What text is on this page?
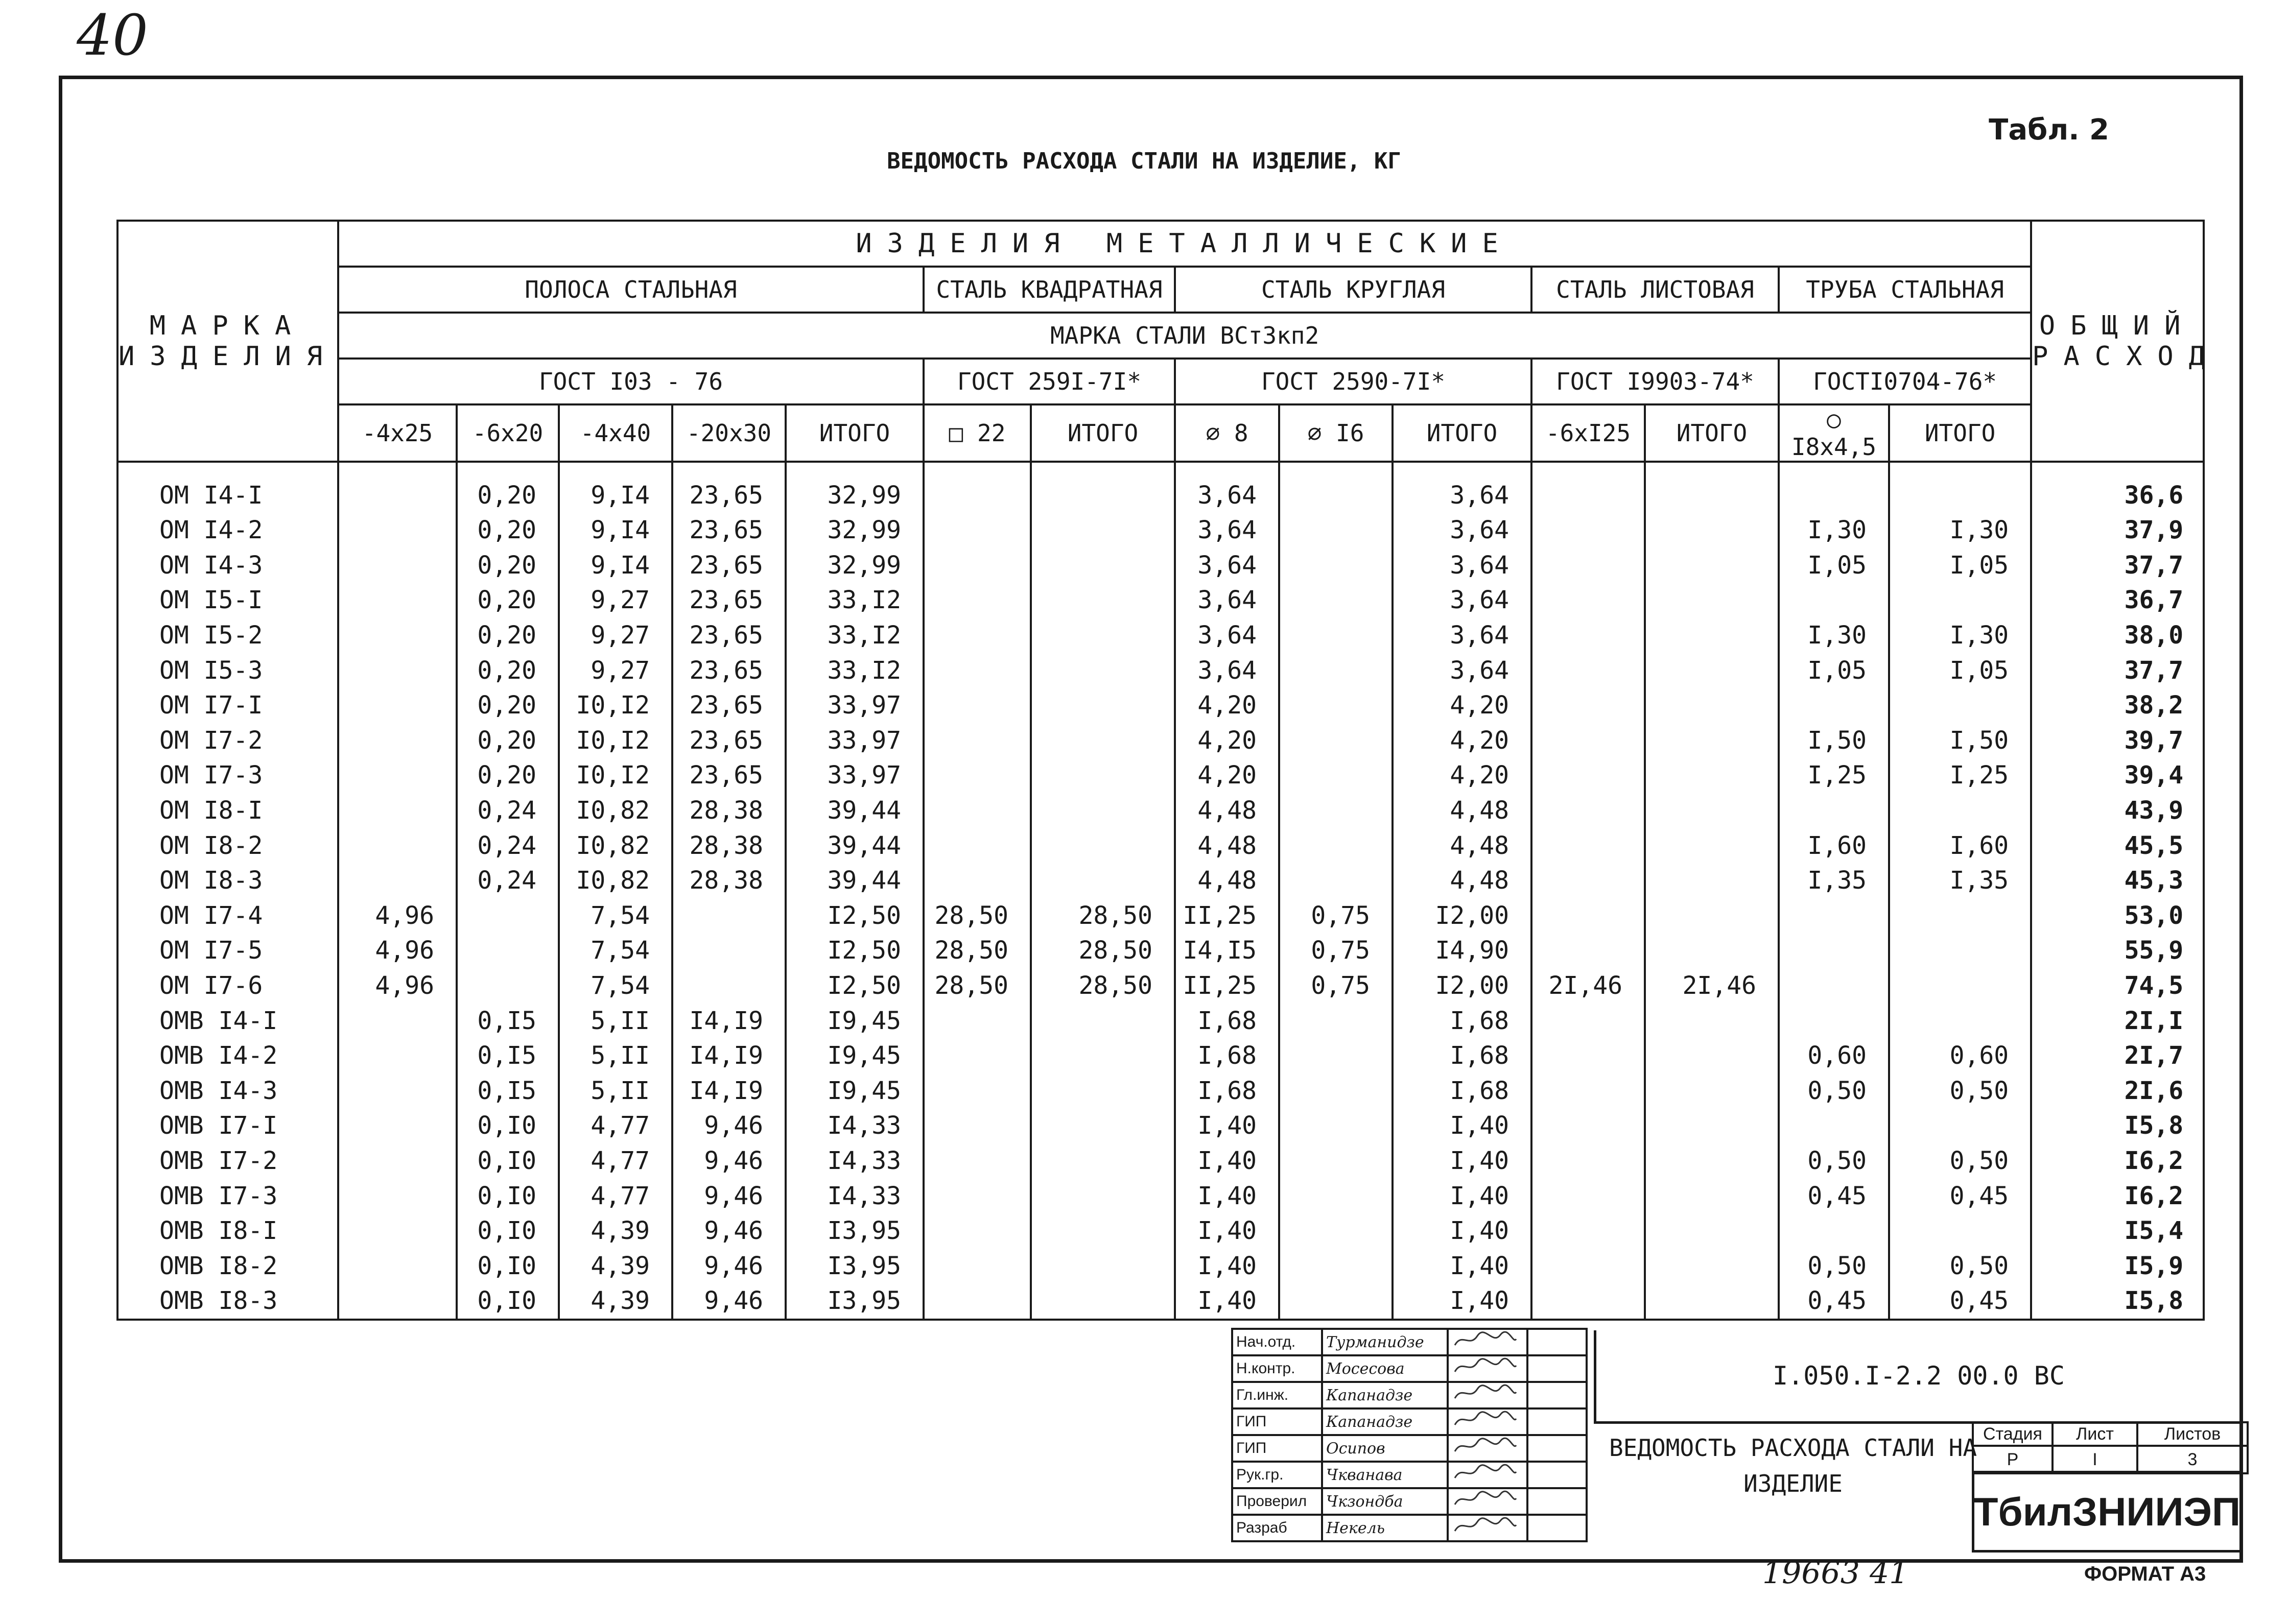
40
Табл. 2
ВЕДОМОСТЬ РАСХОДА СТАЛИ НА ИЗДЕЛИЕ, КГ
МАРКА ИЗДЕЛИЯ	ИЗДЕЛИЯ МЕТАЛЛИЧЕСКИЕ														ОБЩИЙ РАСХОД
	ПОЛОСА СТАЛЬНАЯ					СТАЛЬ КВАДРАТНАЯ		СТАЛЬ КРУГЛАЯ			СТАЛЬ ЛИСТОВАЯ		ТРУБА СТАЛЬНАЯ		
	МАРКА СТАЛИ ВСт3кп2														
	ГОСТ I03 - 76					ГОСТ 259I-7I*		ГОСТ 2590-7I*			ГОСТ I9903-74*		ГОСТI0704-76*		
	-4x25	-6x20	-4x40	-20x30	ИТОГО	□ 22	ИТОГО	⌀ 8	⌀ I6	ИТОГО	-6xI25	ИТОГО	○ I8x4,5	ИТОГО	
ОМ I4-I		0,20	9,I4	23,65	32,99			3,64		3,64					36,6
ОМ I4-2		0,20	9,I4	23,65	32,99			3,64		3,64			I,30	I,30	37,9
ОМ I4-3		0,20	9,I4	23,65	32,99			3,64		3,64			I,05	I,05	37,7
ОМ I5-I		0,20	9,27	23,65	33,I2			3,64		3,64					36,7
ОМ I5-2		0,20	9,27	23,65	33,I2			3,64		3,64			I,30	I,30	38,0
ОМ I5-3		0,20	9,27	23,65	33,I2			3,64		3,64			I,05	I,05	37,7
ОМ I7-I		0,20	I0,I2	23,65	33,97			4,20		4,20					38,2
ОМ I7-2		0,20	I0,I2	23,65	33,97			4,20		4,20			I,50	I,50	39,7
ОМ I7-3		0,20	I0,I2	23,65	33,97			4,20		4,20			I,25	I,25	39,4
ОМ I8-I		0,24	I0,82	28,38	39,44			4,48		4,48					43,9
ОМ I8-2		0,24	I0,82	28,38	39,44			4,48		4,48			I,60	I,60	45,5
ОМ I8-3		0,24	I0,82	28,38	39,44			4,48		4,48			I,35	I,35	45,3
ОМ I7-4	4,96		7,54		I2,50	28,50	28,50	II,25	0,75	I2,00					53,0
ОМ I7-5	4,96		7,54		I2,50	28,50	28,50	I4,I5	0,75	I4,90					55,9
ОМ I7-6	4,96		7,54		I2,50	28,50	28,50	II,25	0,75	I2,00	2I,46	2I,46			74,5
ОМВ I4-I		0,I5	5,II	I4,I9	I9,45			I,68		I,68					2I,I
ОМВ I4-2		0,I5	5,II	I4,I9	I9,45			I,68		I,68			0,60	0,60	2I,7
ОМВ I4-3		0,I5	5,II	I4,I9	I9,45			I,68		I,68			0,50	0,50	2I,6
ОМВ I7-I		0,I0	4,77	9,46	I4,33			I,40		I,40					I5,8
ОМВ I7-2		0,I0	4,77	9,46	I4,33			I,40		I,40			0,50	0,50	I6,2
ОМВ I7-3		0,I0	4,77	9,46	I4,33			I,40		I,40			0,45	0,45	I6,2
ОМВ I8-I		0,I0	4,39	9,46	I3,95			I,40		I,40					I5,4
ОМВ I8-2		0,I0	4,39	9,46	I3,95			I,40		I,40			0,50	0,50	I5,9
ОМВ I8-3		0,I0	4,39	9,46	I3,95			I,40		I,40			0,45	0,45	I5,8
Нач.отд.	Турманидзе		
Н.контр.	Мосесова		
Гл.инж.	Капанадзе		
ГИП	Капанадзе		
ГИП	Осипов		
Рук.гр.	Чкванава		
Проверил	Чкзондба		
Разраб	Некель		
I.050.I-2.2 00.0 ВС
ВЕДОМОСТЬ РАСХОДА СТАЛИ НА ИЗДЕЛИЕ
Стадия	Лист	Листов
Р	I	3
ТбилЗНИИЭП
19663 41	ФОРМАТ А3
